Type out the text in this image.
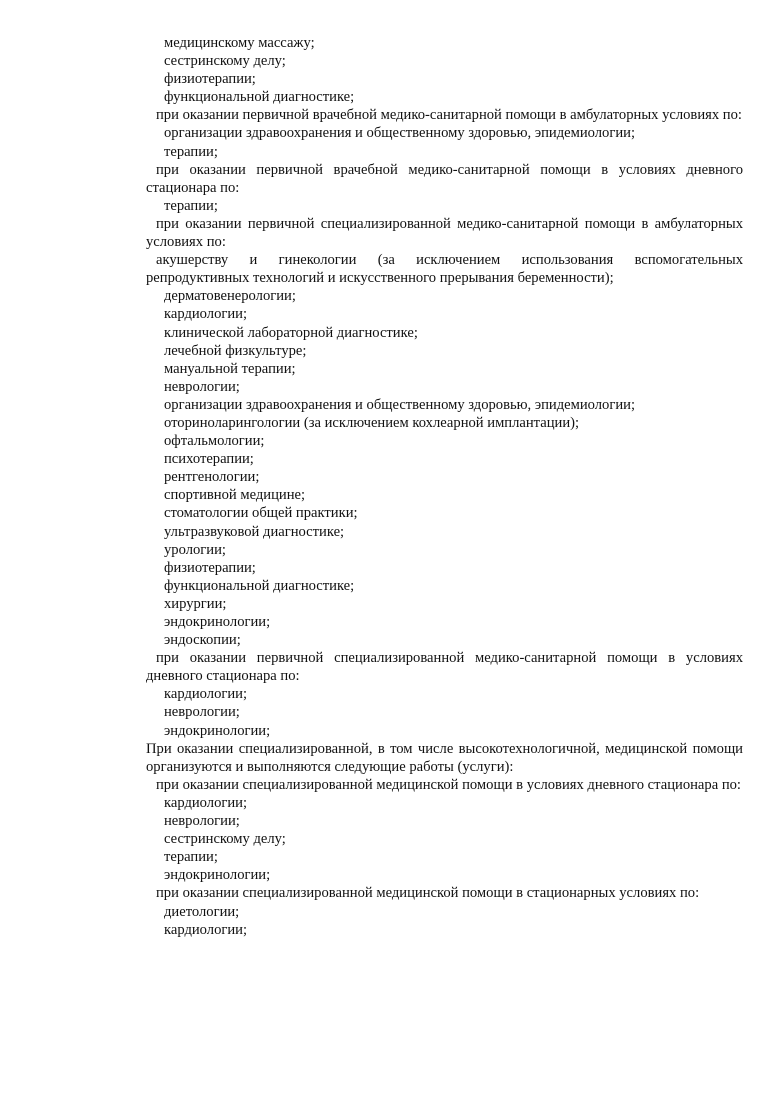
медицинскому массажу;

сестринскому делу;

физиотерапии;

функциональной диагностике;

при оказании первичной врачебной медико-санитарной помощи в амбулаторных условиях по:

организации здравоохранения и общественному здоровью, эпидемиологии;

терапии;

при оказании первичной врачебной медико-санитарной помощи в условиях дневного стационара по:

терапии;

при оказании первичной специализированной медико-санитарной помощи в амбулаторных условиях по:

акушерству и гинекологии (за исключением использования вспомогательных репродуктивных технологий и искусственного прерывания беременности);

дерматовенерологии;

кардиологии;

клинической лабораторной диагностике;

лечебной физкультуре;

мануальной терапии;

неврологии;

организации здравоохранения и общественному здоровью, эпидемиологии;

оториноларингологии (за исключением кохлеарной имплантации);

офтальмологии;

психотерапии;

рентгенологии;

спортивной медицине;

стоматологии общей практики;

ультразвуковой диагностике;

урологии;

физиотерапии;

функциональной диагностике;

хирургии;

эндокринологии;

эндоскопии;

при оказании первичной специализированной медико-санитарной помощи в условиях дневного стационара по:

кардиологии;

неврологии;

эндокринологии;

При оказании специализированной, в том числе высокотехнологичной, медицинской помощи организуются и выполняются следующие работы (услуги):

при оказании специализированной медицинской помощи в условиях дневного стационара по:

кардиологии;

неврологии;

сестринскому делу;

терапии;

эндокринологии;

при оказании специализированной медицинской помощи в стационарных условиях по:

диетологии;

кардиологии;
